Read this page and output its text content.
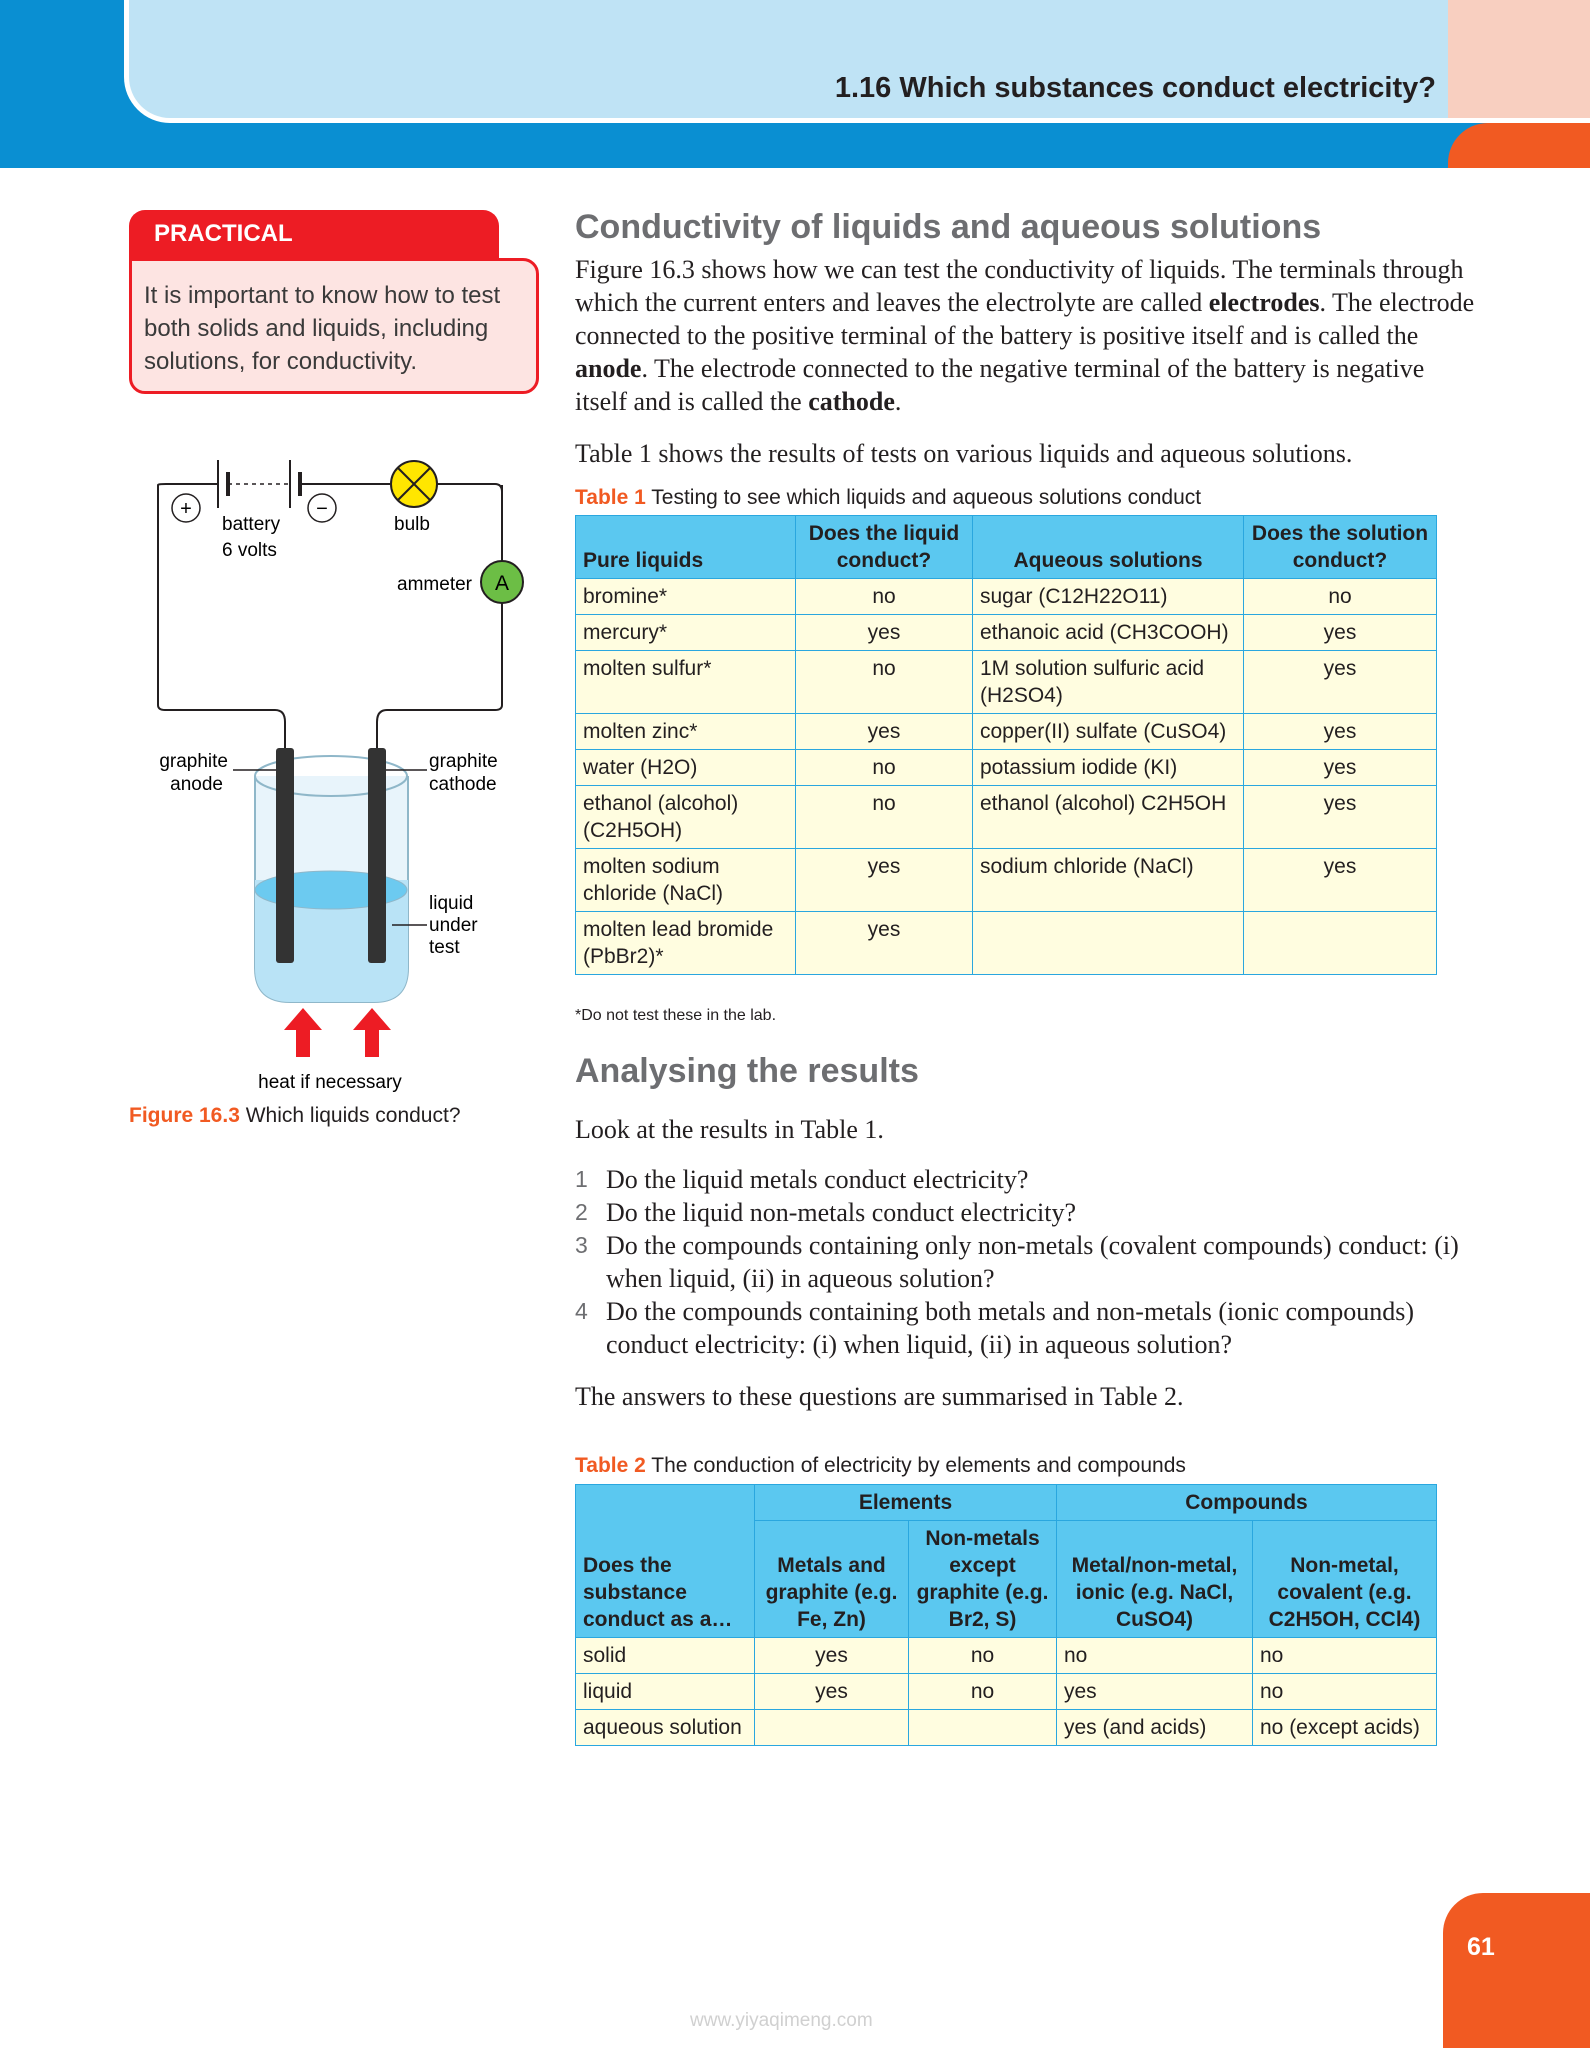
1.16 Which substances conduct electricity?
PRACTICAL
It is important to know how to test both solids and liquids, including solutions, for conductivity.
+	−
battery
6 volts
bulb
A
ammeter
graphite
anode
graphite
cathode
liquid
under
test
heat if necessary
Figure 16.3 Which liquids conduct?
Conductivity of liquids and aqueous solutions
Figure 16.3 shows how we can test the conductivity of liquids. The terminals through which the current enters and leaves the electrolyte are called electrodes. The electrode connected to the positive terminal of the battery is positive itself and is called the anode. The electrode connected to the negative terminal of the battery is negative itself and is called the cathode.
Table 1 shows the results of tests on various liquids and aqueous solutions.
Table 1 Testing to see which liquids and aqueous solutions conduct
Pure liquids	Does the liquid conduct?	Aqueous solutions	Does the solution conduct?
bromine*	no	sugar (C12H22O11)	no
mercury*	yes	ethanoic acid (CH3COOH)	yes
molten sulfur*	no	1M solution sulfuric acid (H2SO4)	yes
molten zinc*	yes	copper(II) sulfate (CuSO4)	yes
water (H2O)	no	potassium iodide (KI)	yes
ethanol (alcohol) (C2H5OH)	no	ethanol (alcohol) C2H5OH	yes
molten sodium chloride (NaCl)	yes	sodium chloride (NaCl)	yes
molten lead bromide (PbBr2)*	yes		
*Do not test these in the lab.
Analysing the results
Look at the results in Table 1.
1 Do the liquid metals conduct electricity?
2 Do the liquid non-metals conduct electricity?
3 Do the compounds containing only non-metals (covalent compounds) conduct: (i) when liquid, (ii) in aqueous solution?
4 Do the compounds containing both metals and non-metals (ionic compounds) conduct electricity: (i) when liquid, (ii) in aqueous solution?
The answers to these questions are summarised in Table 2.
Table 2 The conduction of electricity by elements and compounds
Does the substance conduct as a…	Elements		Compounds	
	Metals and graphite (e.g. Fe, Zn)	Non-metals except graphite (e.g. Br2, S)	Metal/non-metal, ionic (e.g. NaCl, CuSO4)	Non-metal, covalent (e.g. C2H5OH, CCl4)
solid	yes	no	no	no
liquid	yes	no	yes	no
aqueous solution			yes (and acids)	no (except acids)
61
www.yiyaqimeng.com
